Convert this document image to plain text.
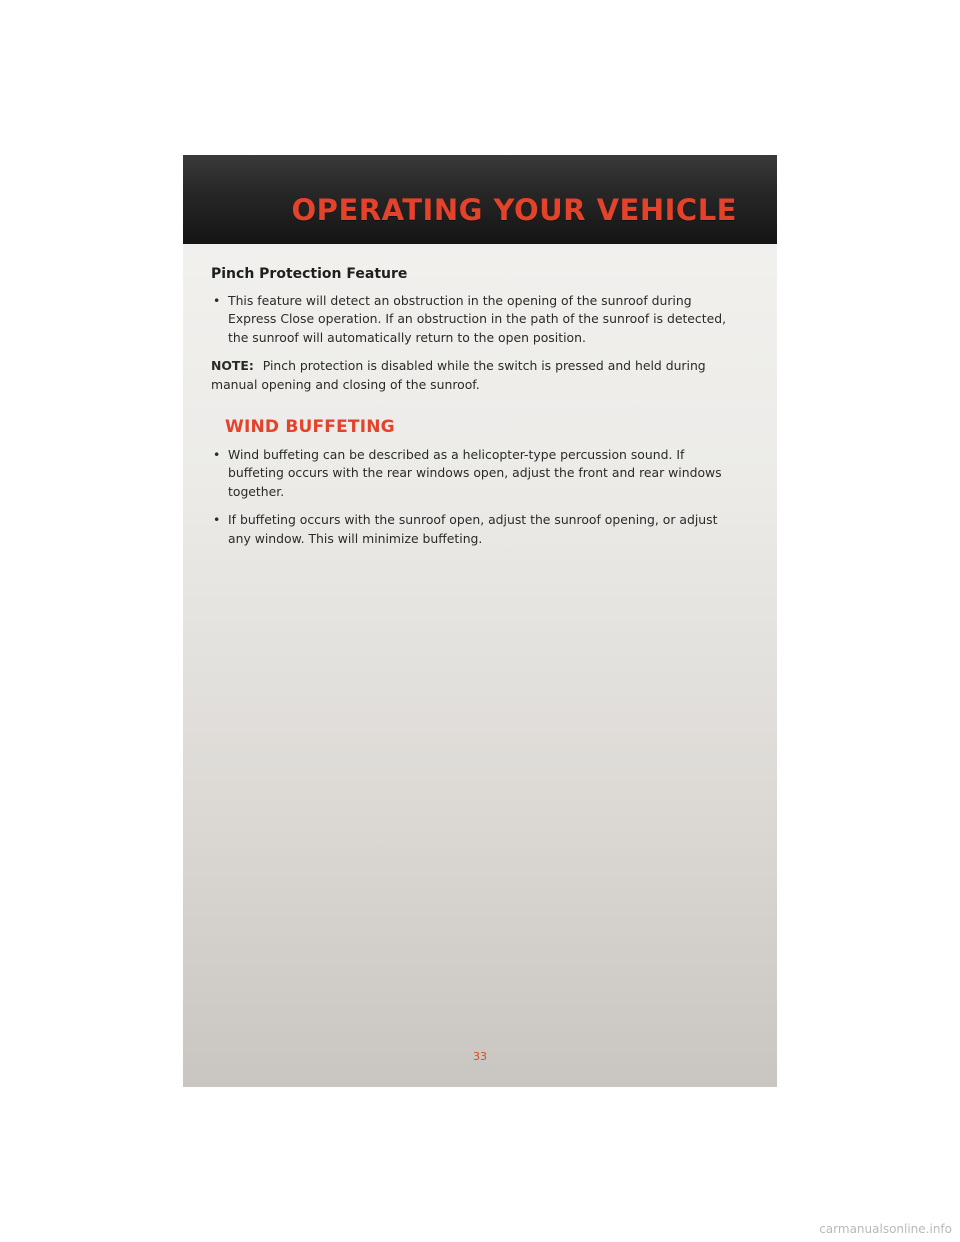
OPERATING YOUR VEHICLE
Pinch Protection Feature
• This feature will detect an obstruction in the opening of the sunroof during Express Close operation. If an obstruction in the path of the sunroof is detected, the sunroof will automatically return to the open position.

NOTE: Pinch protection is disabled while the switch is pressed and held during manual opening and closing of the sunroof.

WIND BUFFETING
• Wind buffeting can be described as a helicopter-type percussion sound. If buffeting occurs with the rear windows open, adjust the front and rear windows together.
• If buffeting occurs with the sunroof open, adjust the sunroof opening, or adjust any window. This will minimize buffeting.
33
carmanualsonline.info
